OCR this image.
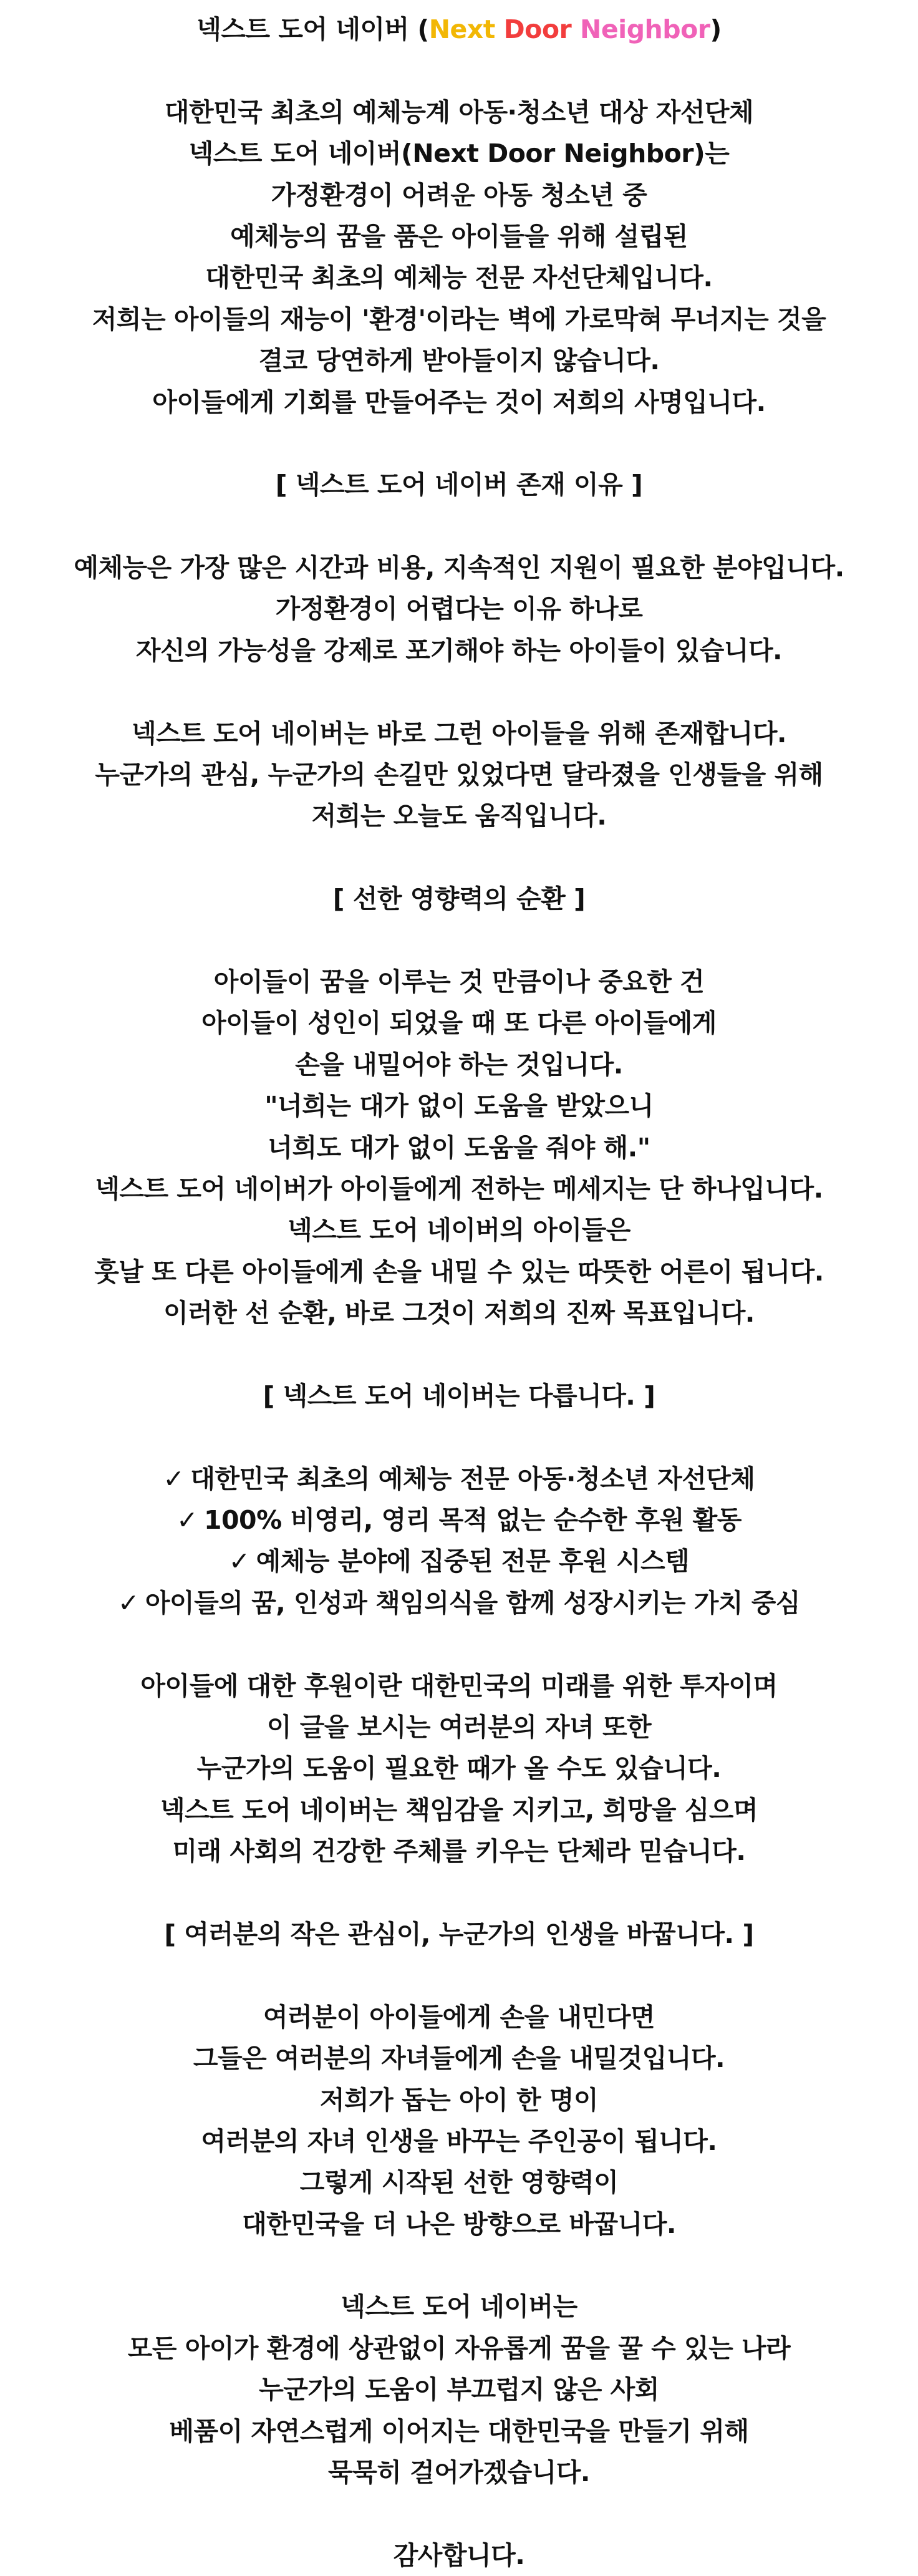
넥스트 도어 네이버 (Next Door Neighbor)
대한민국 최초의 예체능계 아동·청소년 대상 자선단체
넥스트 도어 네이버(Next Door Neighbor)는
가정환경이 어려운 아동 청소년 중
예체능의 꿈을 품은 아이들을 위해 설립된
대한민국 최초의 예체능 전문 자선단체입니다.
저희는 아이들의 재능이 '환경'이라는 벽에 가로막혀 무너지는 것을
결코 당연하게 받아들이지 않습니다.
아이들에게 기회를 만들어주는 것이 저희의 사명입니다.
[ 넥스트 도어 네이버 존재 이유 ]
예체능은 가장 많은 시간과 비용, 지속적인 지원이 필요한 분야입니다.
가정환경이 어렵다는 이유 하나로
자신의 가능성을 강제로 포기해야 하는 아이들이 있습니다.
넥스트 도어 네이버는 바로 그런 아이들을 위해 존재합니다.
누군가의 관심, 누군가의 손길만 있었다면 달라졌을 인생들을 위해
저희는 오늘도 움직입니다.
[ 선한 영향력의 순환 ]
아이들이 꿈을 이루는 것 만큼이나 중요한 건
아이들이 성인이 되었을 때 또 다른 아이들에게
손을 내밀어야 하는 것입니다.
"너희는 대가 없이 도움을 받았으니
너희도 대가 없이 도움을 줘야 해."
넥스트 도어 네이버가 아이들에게 전하는 메세지는 단 하나입니다.
넥스트 도어 네이버의 아이들은
훗날 또 다른 아이들에게 손을 내밀 수 있는 따뜻한 어른이 됩니다.
이러한 선 순환, 바로 그것이 저희의 진짜 목표입니다.
[ 넥스트 도어 네이버는 다릅니다. ]
✓ 대한민국 최초의 예체능 전문 아동·청소년 자선단체
✓ 100% 비영리, 영리 목적 없는 순수한 후원 활동
✓ 예체능 분야에 집중된 전문 후원 시스템
✓ 아이들의 꿈, 인성과 책임의식을 함께 성장시키는 가치 중심
아이들에 대한 후원이란 대한민국의 미래를 위한 투자이며
이 글을 보시는 여러분의 자녀 또한
누군가의 도움이 필요한 때가 올 수도 있습니다.
넥스트 도어 네이버는 책임감을 지키고, 희망을 심으며
미래 사회의 건강한 주체를 키우는 단체라 믿습니다.
[ 여러분의 작은 관심이, 누군가의 인생을 바꿉니다. ]
여러분이 아이들에게 손을 내민다면
그들은 여러분의 자녀들에게 손을 내밀것입니다.
저희가 돕는 아이 한 명이
여러분의 자녀 인생을 바꾸는 주인공이 됩니다.
그렇게 시작된 선한 영향력이
대한민국을 더 나은 방향으로 바꿉니다.
넥스트 도어 네이버는
모든 아이가 환경에 상관없이 자유롭게 꿈을 꿀 수 있는 나라
누군가의 도움이 부끄럽지 않은 사회
베품이 자연스럽게 이어지는 대한민국을 만들기 위해
묵묵히 걸어가겠습니다.
감사합니다.
